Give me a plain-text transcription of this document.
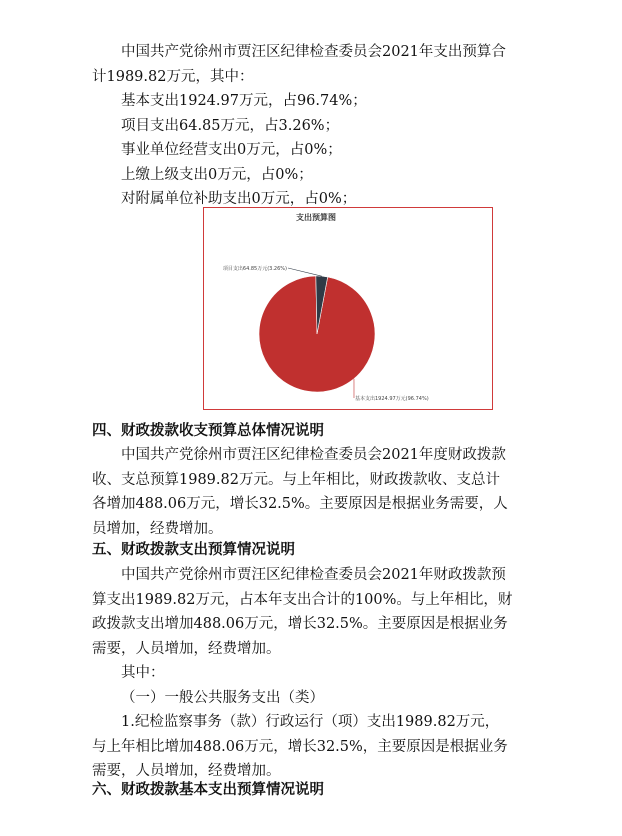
中国共产党徐州市贾汪区纪律检查委员会2021年支出预算合
计1989.82万元，其中：
基本支出1924.97万元，占96.74%；
项目支出64.85万元，占3.26%；
事业单位经营支出0万元，占0%；
上缴上级支出0万元，占0%；
对附属单位补助支出0万元，占0%；
支出预算图
项目支出64.85万元(3.26%)
基本支出1924.97万元(96.74%)
四、财政拨款收支预算总体情况说明
中国共产党徐州市贾汪区纪律检查委员会2021年度财政拨款
收、支总预算1989.82万元。与上年相比，财政拨款收、支总计
各增加488.06万元，增长32.5%。主要原因是根据业务需要，人
员增加，经费增加。
五、财政拨款支出预算情况说明
中国共产党徐州市贾汪区纪律检查委员会2021年财政拨款预
算支出1989.82万元，占本年支出合计的100%。与上年相比，财
政拨款支出增加488.06万元，增长32.5%。主要原因是根据业务
需要，人员增加，经费增加。
其中：
（一）一般公共服务支出（类）
1.纪检监察事务（款）行政运行（项）支出1989.82万元，
与上年相比增加488.06万元，增长32.5%，主要原因是根据业务
需要，人员增加，经费增加。
六、财政拨款基本支出预算情况说明
